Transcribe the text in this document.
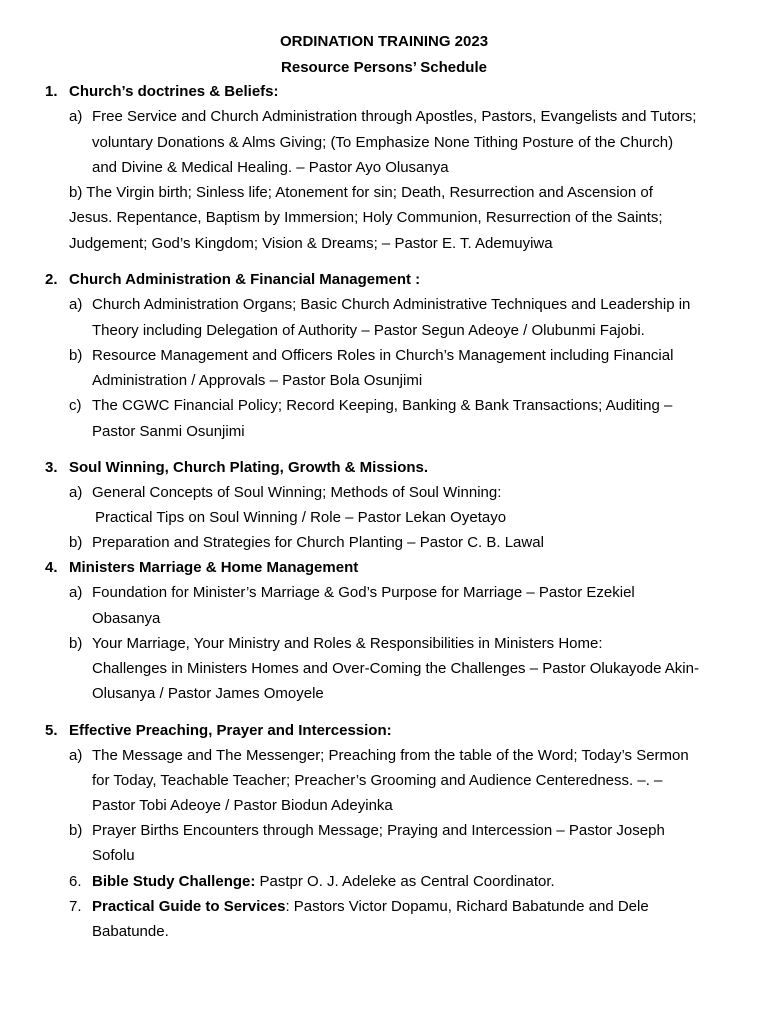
ORDINATION TRAINING 2023
Resource Persons’ Schedule
1. Church’s doctrines & Beliefs:
a) Free Service and Church Administration through Apostles, Pastors, Evangelists and Tutors;
voluntary Donations & Alms Giving; (To Emphasize None Tithing Posture of the Church)
and Divine & Medical Healing. – Pastor Ayo Olusanya
b) The Virgin birth; Sinless life; Atonement for sin; Death, Resurrection and Ascension of
Jesus. Repentance, Baptism by Immersion; Holy Communion, Resurrection of the Saints;
Judgement; God’s Kingdom; Vision & Dreams; – Pastor E. T. Ademuyiwa
2. Church Administration & Financial Management :
a) Church Administration Organs; Basic Church Administrative Techniques and Leadership in
Theory including Delegation of Authority – Pastor Segun Adeoye / Olubunmi Fajobi.
b) Resource Management and Officers Roles in Church’s Management including Financial
Administration / Approvals – Pastor Bola Osunjimi
c) The CGWC Financial Policy; Record Keeping, Banking & Bank Transactions; Auditing –
Pastor Sanmi Osunjimi
3. Soul Winning, Church Plating, Growth & Missions.
a) General Concepts of Soul Winning; Methods of Soul Winning:
Practical Tips on Soul Winning / Role – Pastor Lekan Oyetayo
b) Preparation and Strategies for Church Planting – Pastor C. B. Lawal
4. Ministers Marriage & Home Management
a) Foundation for Minister’s Marriage & God’s Purpose for Marriage – Pastor Ezekiel
Obasanya
b) Your Marriage, Your Ministry and Roles & Responsibilities in Ministers Home:
Challenges in Ministers Homes and Over-Coming the Challenges – Pastor Olukayode Akin-
Olusanya / Pastor James Omoyele
5. Effective Preaching, Prayer and Intercession:
a) The Message and The Messenger; Preaching from the table of the Word; Today’s Sermon
for Today, Teachable Teacher; Preacher’s Grooming and Audience Centeredness. –. –
Pastor Tobi Adeoye / Pastor Biodun Adeyinka
b) Prayer Births Encounters through Message; Praying and Intercession – Pastor Joseph
Sofolu
6. Bible Study Challenge: Pastpr O. J. Adeleke as Central Coordinator.
7. Practical Guide to Services: Pastors Victor Dopamu, Richard Babatunde and Dele
Babatunde.
